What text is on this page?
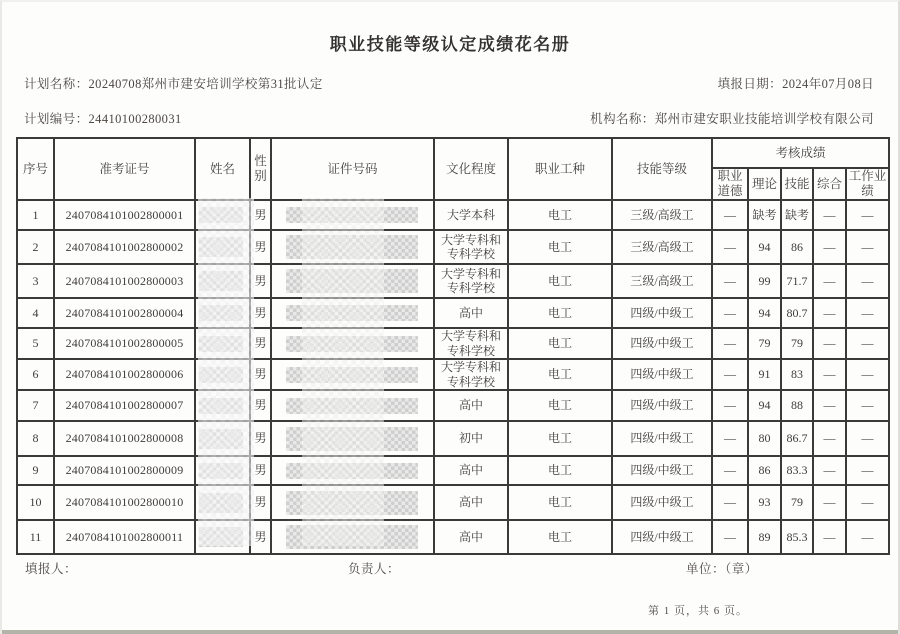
职业技能等级认定成绩花名册
计划名称：20240708郑州市建安培训学校第31批认定	填报日期：2024年07月08日
计划编号：24410100280031	机构名称：郑州市建安职业技能培训学校有限公司
序号	准考证号	姓名	性别	证件号码	文化程度	职业工种	技能等级	考核成绩				
								职业道德	理论	技能	综合	工作业绩
1	2407084101002800001		男		大学本科	电工	三级/高级工	—	缺考	缺考	—	—
2	2407084101002800002		男		大学专科和专科学校	电工	三级/高级工	—	94	86	—	—
3	2407084101002800003		男		大学专科和专科学校	电工	三级/高级工	—	99	71.7	—	—
4	2407084101002800004		男		高中	电工	四级/中级工	—	94	80.7	—	—
5	2407084101002800005		男		大学专科和专科学校	电工	四级/中级工	—	79	79	—	—
6	2407084101002800006		男		大学专科和专科学校	电工	四级/中级工	—	91	83	—	—
7	2407084101002800007		男		高中	电工	四级/中级工	—	94	88	—	—
8	2407084101002800008		男		初中	电工	四级/中级工	—	80	86.7	—	—
9	2407084101002800009		男		高中	电工	四级/中级工	—	86	83.3	—	—
10	2407084101002800010		男		高中	电工	四级/中级工	—	93	79	—	—
11	2407084101002800011		男		高中	电工	四级/中级工	—	89	85.3	—	—
填报人：	负责人：	单位：（章）
第 1 页，共 6 页。
